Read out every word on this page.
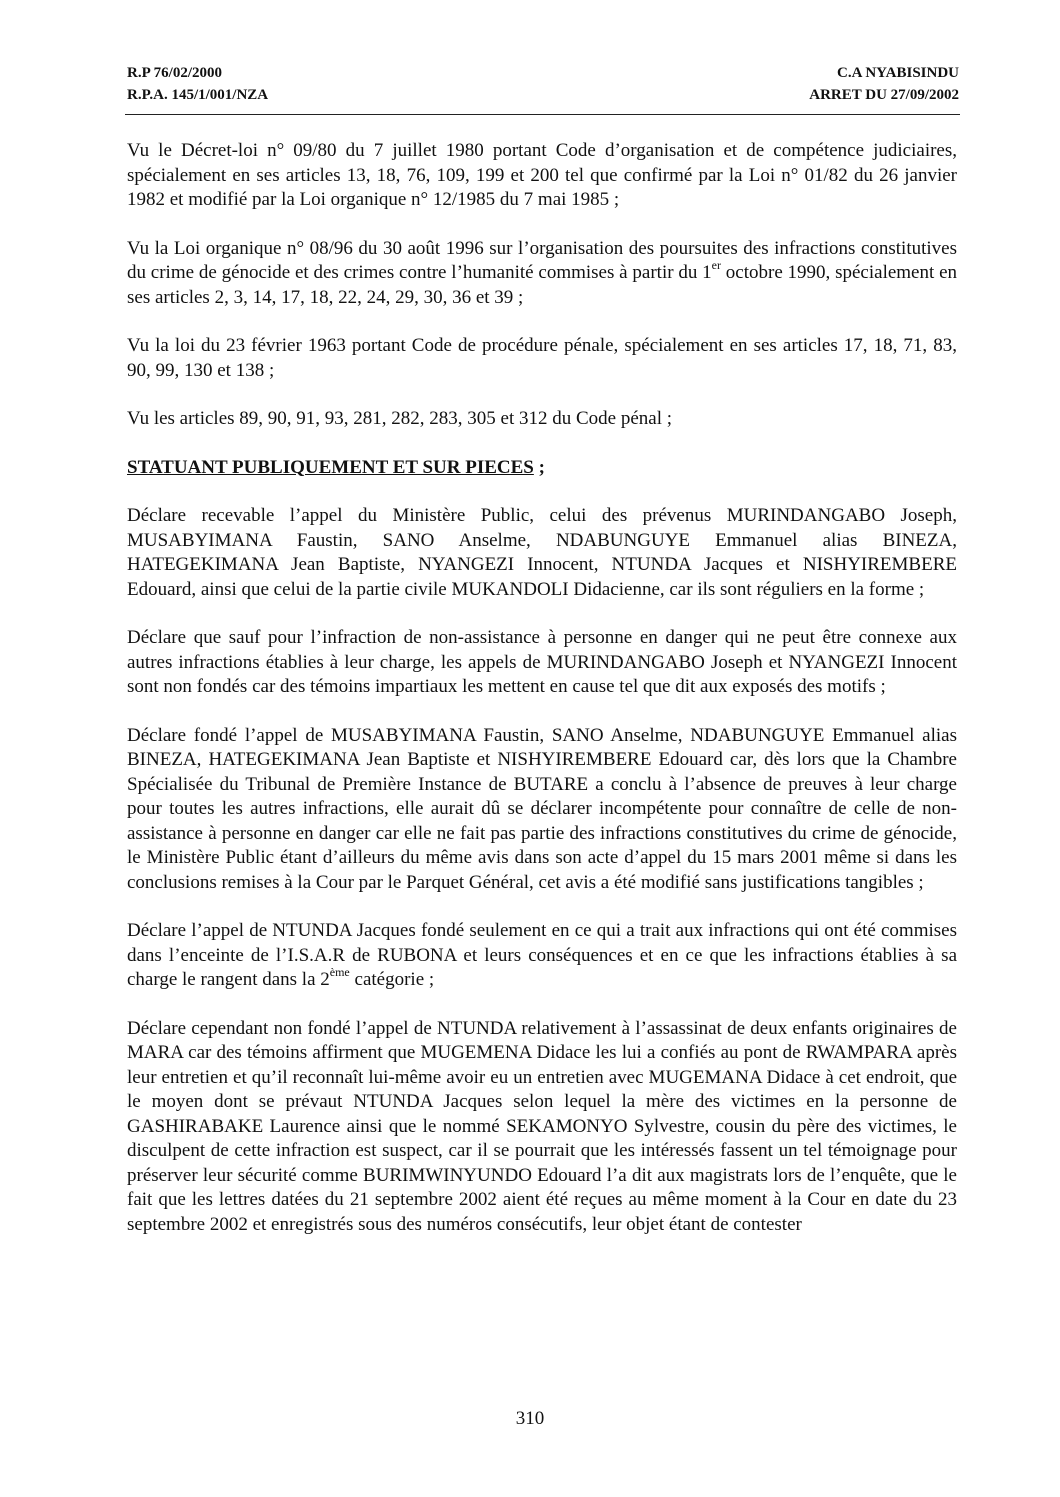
R.P 76/02/2000
R.P.A. 145/1/001/NZA
C.A NYABISINDU
ARRET DU 27/09/2002

Vu le Décret-loi n° 09/80 du 7 juillet 1980 portant Code d’organisation et de compétence judiciaires, spécialement en ses articles 13, 18, 76, 109, 199 et 200 tel que confirmé par la Loi n° 01/82 du 26 janvier 1982 et modifié par la Loi organique n° 12/1985 du 7 mai 1985 ;

Vu la Loi organique n° 08/96 du 30 août 1996 sur l’organisation des poursuites des infractions constitutives du crime de génocide et des crimes contre l’humanité commises à partir du 1er octobre 1990, spécialement en ses articles 2, 3, 14, 17, 18, 22, 24, 29, 30, 36 et 39 ;

Vu la loi du 23 février 1963 portant Code de procédure pénale, spécialement en ses articles 17, 18, 71, 83, 90, 99, 130 et 138 ;

Vu les articles 89, 90, 91, 93, 281, 282, 283, 305 et 312 du Code pénal ;

STATUANT PUBLIQUEMENT ET SUR PIECES ;

Déclare recevable l’appel du Ministère Public, celui des prévenus MURINDANGABO Joseph, MUSABYIMANA Faustin, SANO Anselme, NDABUNGUYE Emmanuel alias BINEZA, HATEGEKIMANA Jean Baptiste, NYANGEZI Innocent, NTUNDA Jacques et NISHYIREMBERE Edouard, ainsi que celui de la partie civile MUKANDOLI Didacienne, car ils sont réguliers en la forme ;

Déclare que sauf pour l’infraction de non-assistance à personne en danger qui ne peut être connexe aux autres infractions établies à leur charge, les appels de MURINDANGABO Joseph et NYANGEZI Innocent sont non fondés car des témoins impartiaux les mettent en cause tel que dit aux exposés des motifs ;

Déclare fondé l’appel de MUSABYIMANA Faustin, SANO Anselme, NDABUNGUYE Emmanuel alias BINEZA, HATEGEKIMANA Jean Baptiste et NISHYIREMBERE Edouard car, dès lors que la Chambre Spécialisée du Tribunal de Première Instance de BUTARE a conclu à l’absence de preuves à leur charge pour toutes les autres infractions, elle aurait dû se déclarer incompétente pour connaître de celle de non-assistance à personne en danger car elle ne fait pas partie des infractions constitutives du crime de génocide, le Ministère Public étant d’ailleurs du même avis dans son acte d’appel du 15 mars 2001 même si dans les conclusions remises à la Cour par le Parquet Général, cet avis a été modifié sans justifications tangibles ;

Déclare l’appel de NTUNDA Jacques fondé seulement en ce qui a trait aux infractions qui ont été commises dans l’enceinte de l’I.S.A.R de RUBONA et leurs conséquences et en ce que les infractions établies à sa charge le rangent dans la 2ème catégorie ;

Déclare cependant non fondé l’appel de NTUNDA relativement à l’assassinat de deux enfants originaires de MARA car des témoins affirment que MUGEMENA Didace les lui a confiés au pont de RWAMPARA après leur entretien et qu’il reconnaît lui-même avoir eu un entretien avec MUGEMANA Didace à cet endroit, que le moyen dont se prévaut NTUNDA Jacques selon lequel la mère des victimes en la personne de GASHIRABAKE Laurence ainsi que le nommé SEKAMONYO Sylvestre, cousin du père des victimes, le disculpent de cette infraction est suspect, car il se pourrait que les intéressés fassent un tel témoignage pour préserver leur sécurité comme BURIMWINYUNDO Edouard l’a dit aux magistrats lors de l’enquête, que le fait que les lettres datées du 21 septembre 2002 aient été reçues au même moment à la Cour en date du 23 septembre 2002 et enregistrés sous des numéros consécutifs, leur objet étant de contester

310
